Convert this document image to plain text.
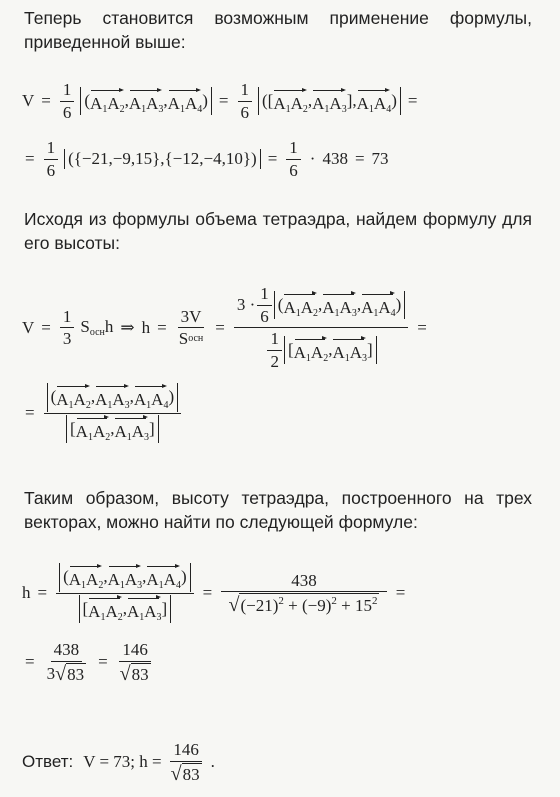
Теперь становится возможным применение формулы, приведенной выше:

$V = \frac{1}{6}$ ( $A_1A_2$ , $A_1A_3$ , $A_1A_4$ ) = $\frac{1}{6}$ ([ $A_1A_2$ , $A_1A_3$ ], $A_1A_4$ ) =
= $\frac{1}{6}$ ( {−21,−9,15} , {−12,−4,10} ) = $\frac{1}{6} \cdot 438 = 73$

Исходя из формулы объема тетраэдра, найдем формулу для его высоты:

$V = \frac{1}{3} S_{осн}h$ ⇒ $h = \frac{3V}{\text{S осн}}$ =
$3 \cdot \frac{1}{6}$ ( $A_1A_2$ , $A_1A_3$ , $A_1A_4$ )
$\frac{1}{2}$ [ $A_1A_2$ , $A_1A_3$ ]
=
= $\frac{( A_1A_2 , A_1A_3 , A_1A_4 )}{[ A_1A_2 , A_1A_3 ]}$

Таким образом, высоту тетраэдра, построенного на трех векторах, можно найти по следующей формуле:

$h = \frac{( A_1A_2 , A_1A_3 , A_1A_4 )}{[ A_1A_2 , A_1A_3 ]} = \frac{438}{√ (-21)^2 + (-9)^2 + 15^2}$ =
= $\frac{438}{3 √ 83} = \frac{146}{√ 83}$
Ответ: V = 73; $h = \frac{146}{√ 83}$ .
